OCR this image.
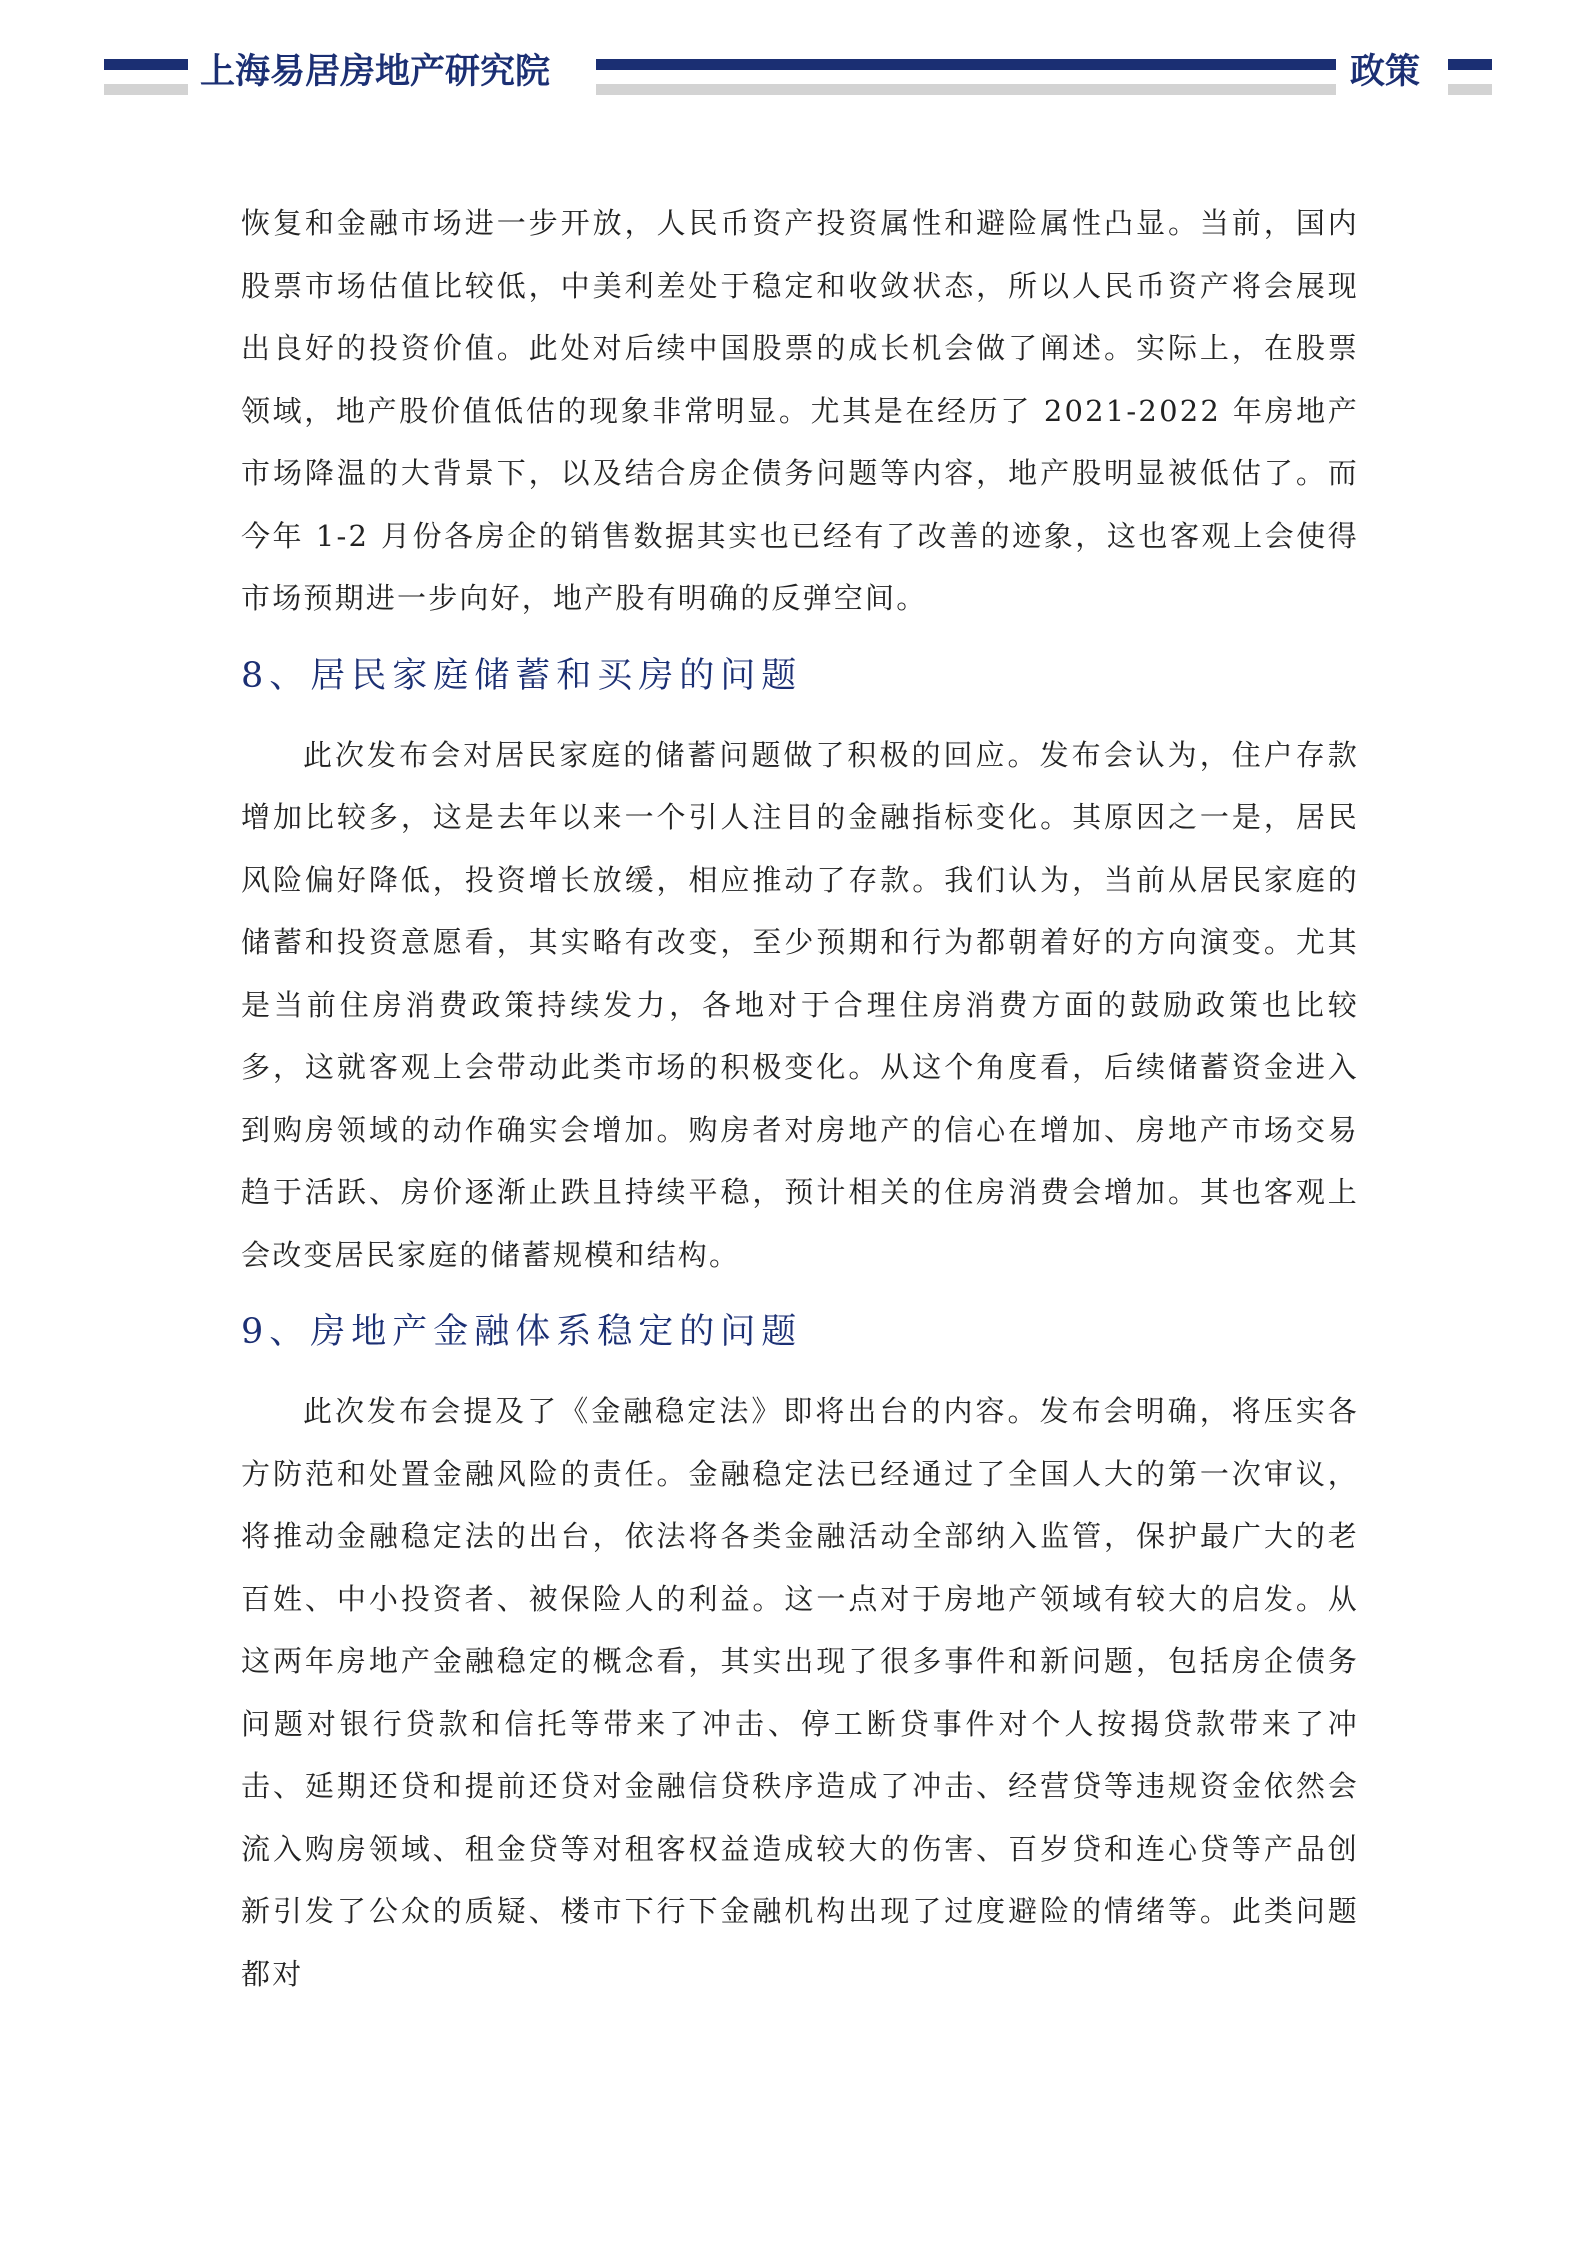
上海易居房地产研究院	政策

恢复和金融市场进一步开放，人民币资产投资属性和避险属性凸显。当前，国内股票市场估值比较低，中美利差处于稳定和收敛状态，所以人民币资产将会展现出良好的投资价值。此处对后续中国股票的成长机会做了阐述。实际上，在股票领域，地产股价值低估的现象非常明显。尤其是在经历了 2021-2022 年房地产市场降温的大背景下，以及结合房企债务问题等内容，地产股明显被低估了。而今年 1-2 月份各房企的销售数据其实也已经有了改善的迹象，这也客观上会使得市场预期进一步向好，地产股有明确的反弹空间。

8、居民家庭储蓄和买房的问题

此次发布会对居民家庭的储蓄问题做了积极的回应。发布会认为，住户存款增加比较多，这是去年以来一个引人注目的金融指标变化。其原因之一是，居民风险偏好降低，投资增长放缓，相应推动了存款。我们认为，当前从居民家庭的储蓄和投资意愿看，其实略有改变，至少预期和行为都朝着好的方向演变。尤其是当前住房消费政策持续发力，各地对于合理住房消费方面的鼓励政策也比较多，这就客观上会带动此类市场的积极变化。从这个角度看，后续储蓄资金进入到购房领域的动作确实会增加。购房者对房地产的信心在增加、房地产市场交易趋于活跃、房价逐渐止跌且持续平稳，预计相关的住房消费会增加。其也客观上会改变居民家庭的储蓄规模和结构。

9、房地产金融体系稳定的问题

此次发布会提及了《金融稳定法》即将出台的内容。发布会明确，将压实各方防范和处置金融风险的责任。金融稳定法已经通过了全国人大的第一次审议，将推动金融稳定法的出台，依法将各类金融活动全部纳入监管，保护最广大的老百姓、中小投资者、被保险人的利益。这一点对于房地产领域有较大的启发。从这两年房地产金融稳定的概念看，其实出现了很多事件和新问题，包括房企债务问题对银行贷款和信托等带来了冲击、停工断贷事件对个人按揭贷款带来了冲击、延期还贷和提前还贷对金融信贷秩序造成了冲击、经营贷等违规资金依然会流入购房领域、租金贷等对租客权益造成较大的伤害、百岁贷和连心贷等产品创新引发了公众的质疑、楼市下行下金融机构出现了过度避险的情绪等。此类问题都对
